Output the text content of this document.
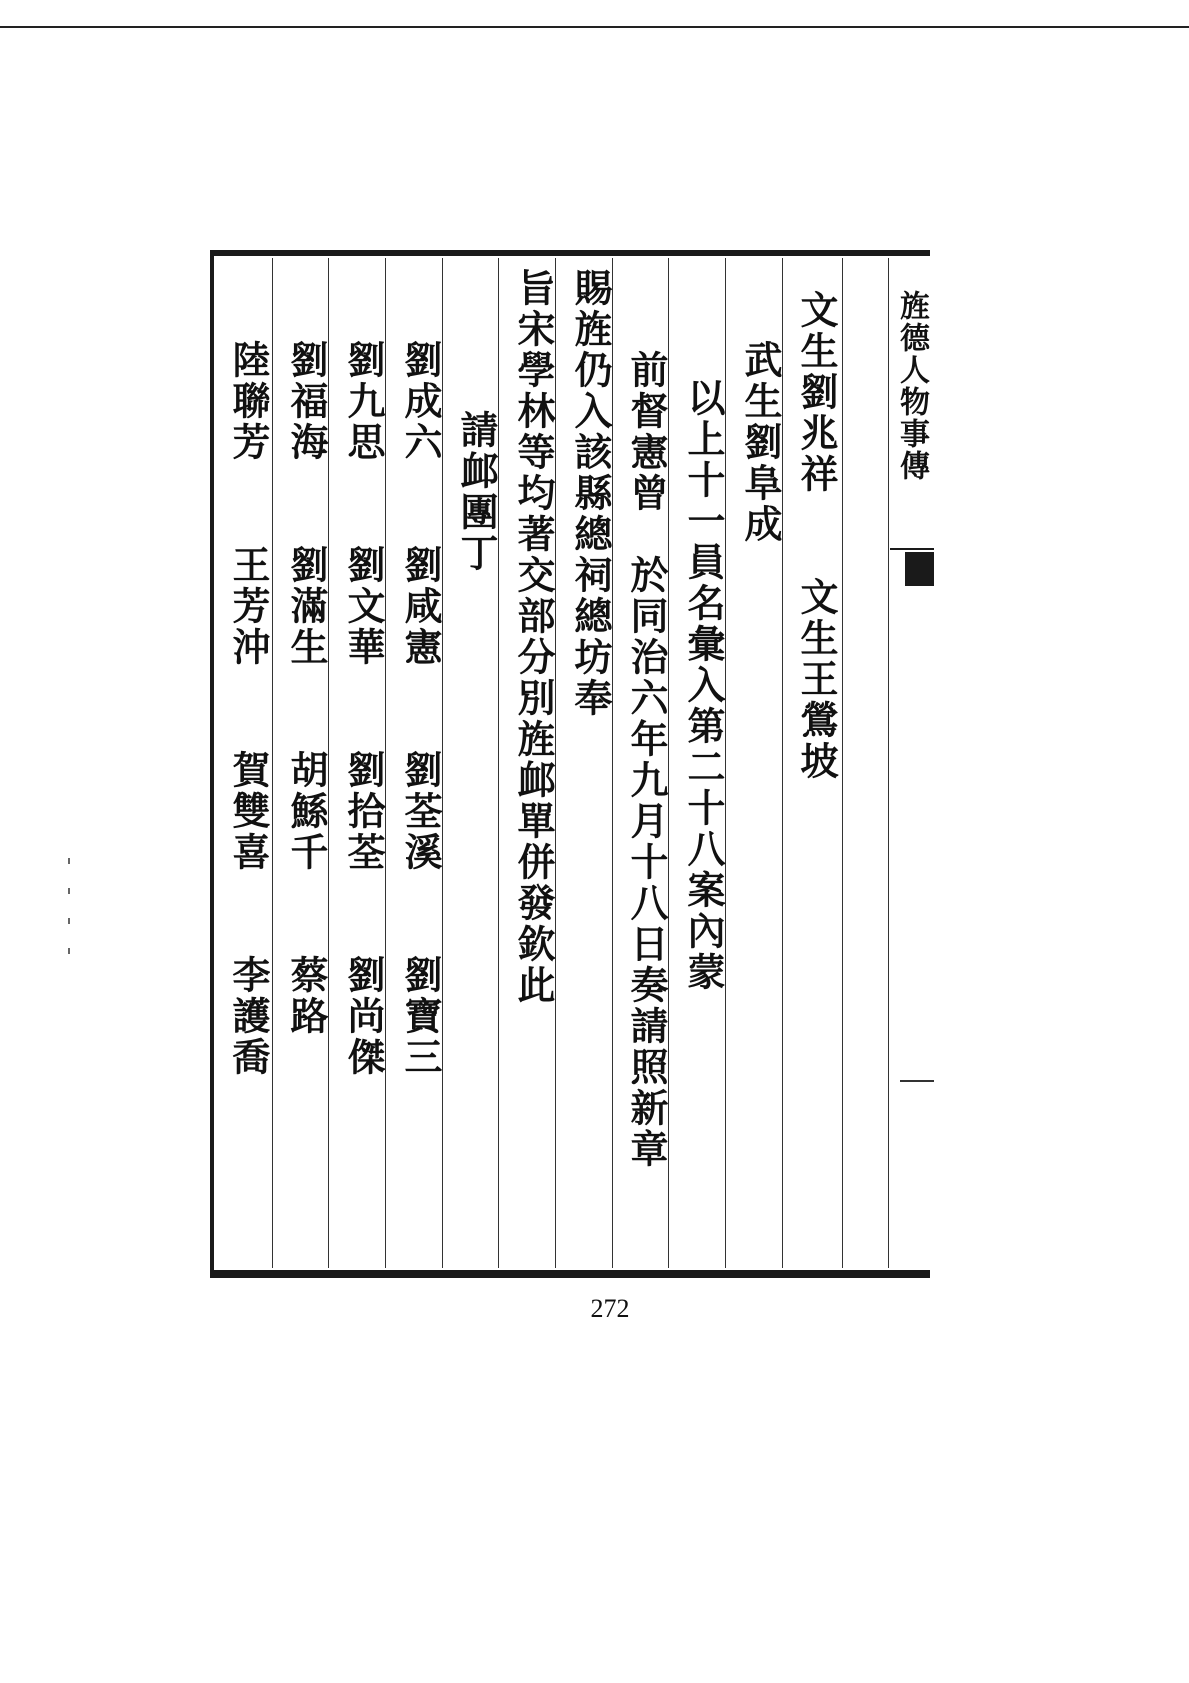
旌德人物事傳
文生劉兆祥　　文生王鶯坡
武生劉阜成
以上十一員名彙入第二十八案內蒙
前督憲曾　於同治六年九月十八日奏請照新章
賜旌仍入該縣總祠總坊奉
旨宋學林等均著交部分別旌䘏單併發欽此
請䘏團丁
劉成六　　劉咸憲　　劉荃溪　　劉寶三
劉九思　　劉文華　　劉拾荃　　劉尚傑
劉福海　　劉滿生　　胡鯀千　　蔡路
陸聯芳　　王芳沖　　賀雙喜　　李護喬
272
